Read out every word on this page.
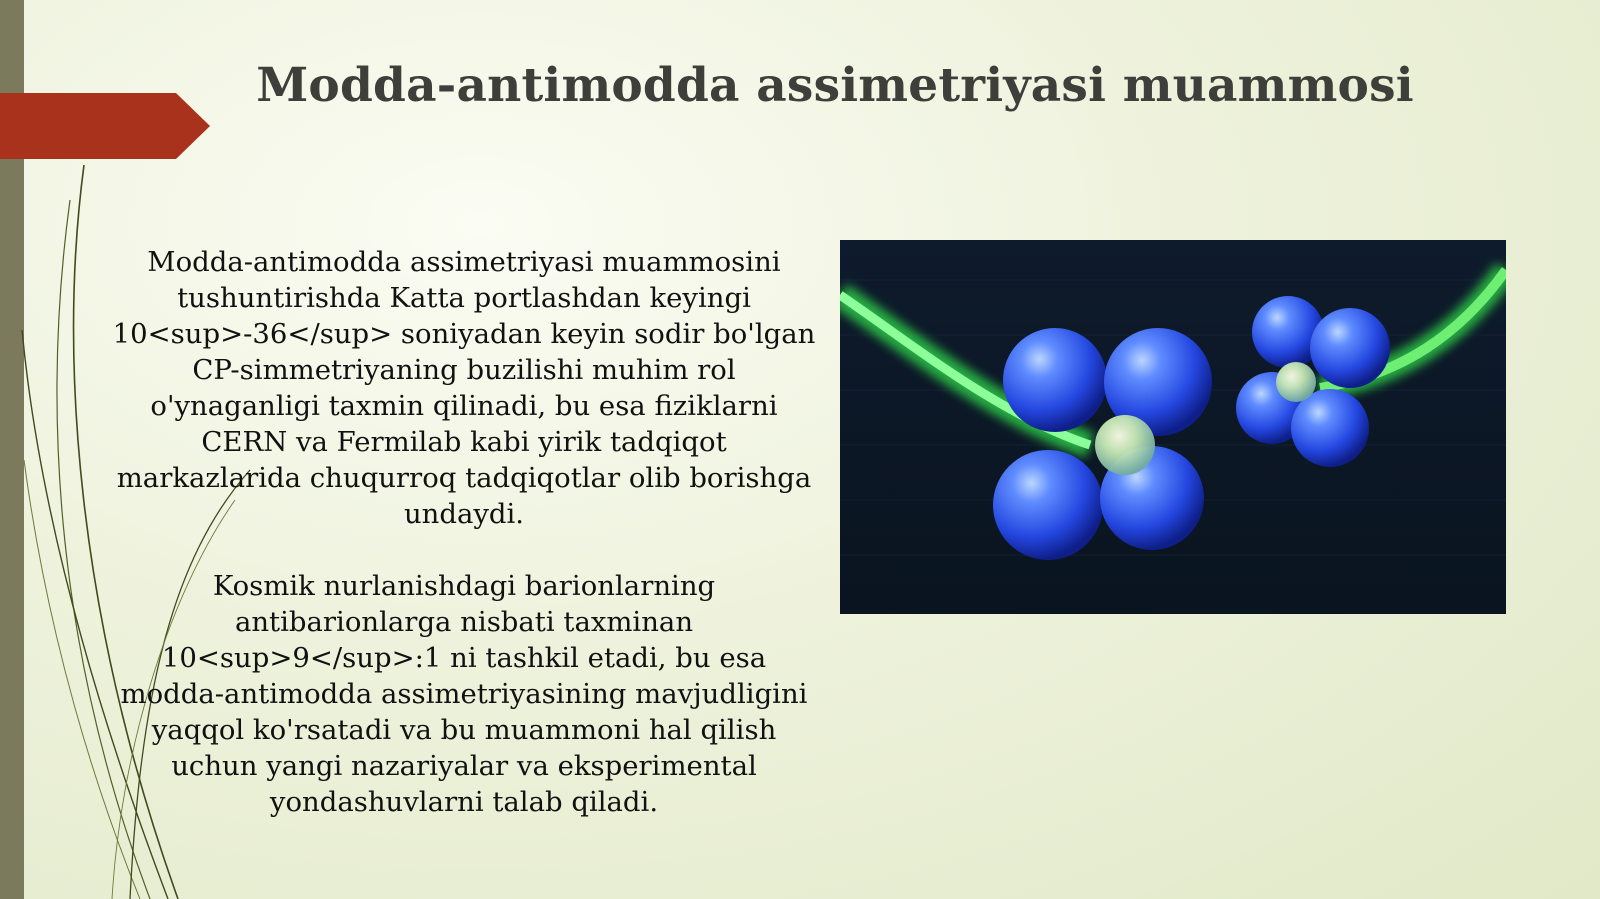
Modda-antimodda assimetriyasi muammosi

Modda-antimodda assimetriyasi muammosini tushuntirishda Katta portlashdan keyingi 10<sup>-36</sup> soniyadan keyin sodir bo'lgan CP-simmetriyaning buzilishi muhim rol o'ynaganligi taxmin qilinadi, bu esa fiziklarni CERN va Fermilab kabi yirik tadqiqot markazlarida chuqurroq tadqiqotlar olib borishga undaydi.

Kosmik nurlanishdagi barionlarning antibarionlarga nisbati taxminan 10<sup>9</sup>:1 ni tashkil etadi, bu esa modda-antimodda assimetriyasining mavjudligini yaqqol ko'rsatadi va bu muammoni hal qilish uchun yangi nazariyalar va eksperimental yondashuvlarni talab qiladi.
